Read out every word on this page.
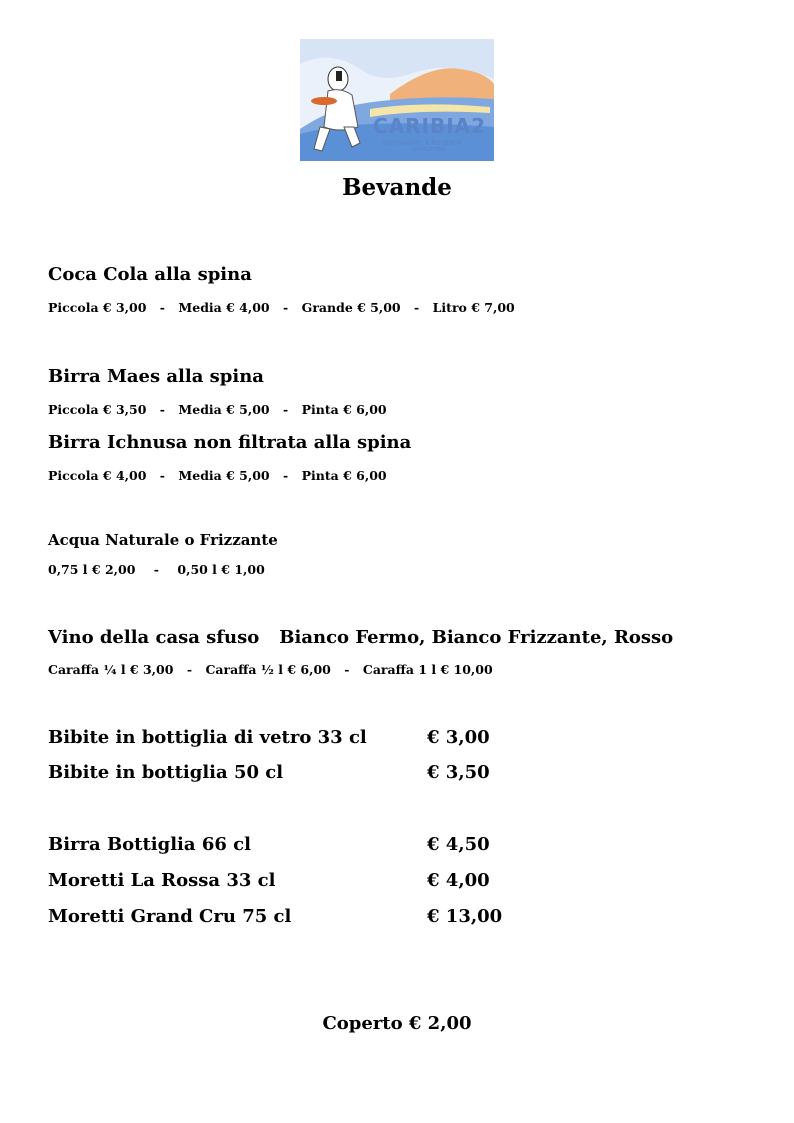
CARIBIA2
RISTORANTE E PIZZERIA
NAPOLETANA
Bevande
Coca Cola alla spina
Piccola € 3,00 - Media € 4,00 - Grande € 5,00 - Litro € 7,00
Birra Maes alla spina
Piccola € 3,50 - Media € 5,00 - Pinta € 6,00
Birra Ichnusa non filtrata alla spina
Piccola € 4,00 - Media € 5,00 - Pinta € 6,00
Acqua Naturale o Frizzante
0,75 l € 2,00 - 0,50 l € 1,00
Vino della casa sfuso Bianco Fermo, Bianco Frizzante, Rosso
Caraffa ¼ l € 3,00 - Caraffa ½ l € 6,00 - Caraffa 1 l € 10,00
Bibite in bottiglia di vetro 33 cl	€ 3,00
Bibite in bottiglia 50 cl	€ 3,50
Birra Bottiglia 66 cl	€ 4,50
Moretti La Rossa 33 cl	€ 4,00
Moretti Grand Cru 75 cl	€ 13,00
Coperto € 2,00
